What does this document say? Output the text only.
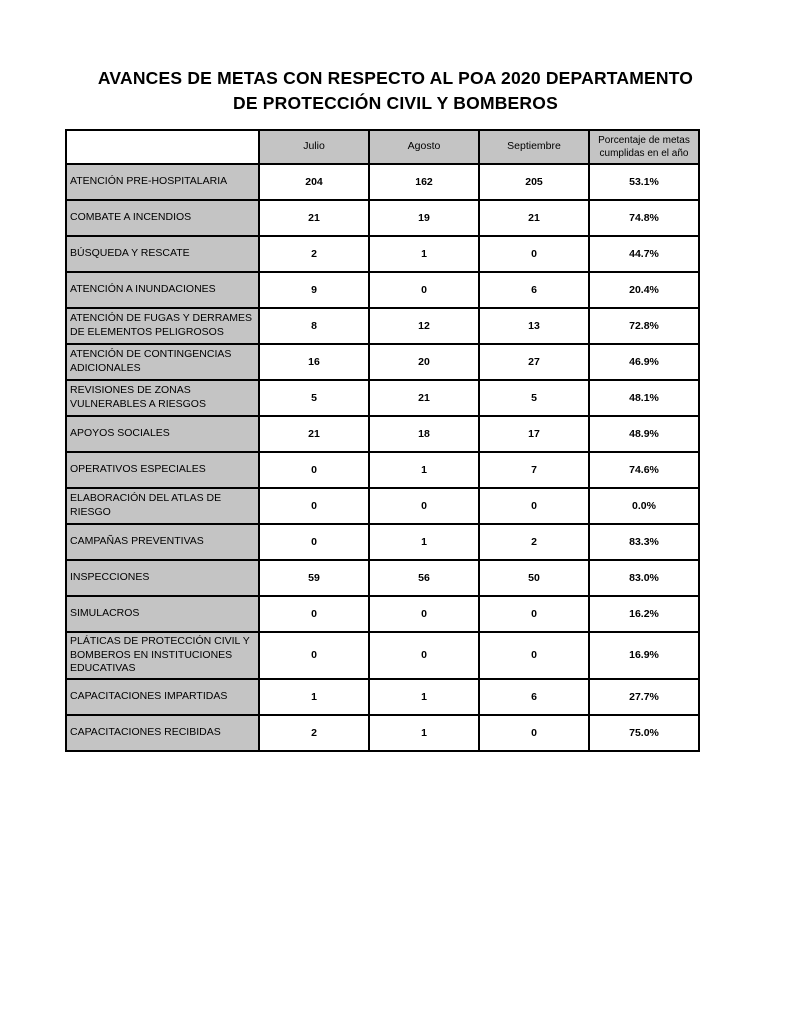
AVANCES DE METAS CON RESPECTO AL POA 2020 DEPARTAMENTO
DE PROTECCIÓN CIVIL Y BOMBEROS
	Julio	Agosto	Septiembre	Porcentaje de metas cumplidas en el año
ATENCIÓN PRE-HOSPITALARIA	204	162	205	53.1%
COMBATE A INCENDIOS	21	19	21	74.8%
BÚSQUEDA Y RESCATE	2	1	0	44.7%
ATENCIÓN A INUNDACIONES	9	0	6	20.4%
ATENCIÓN DE FUGAS Y DERRAMES DE ELEMENTOS PELIGROSOS	8	12	13	72.8%
ATENCIÓN DE CONTINGENCIAS ADICIONALES	16	20	27	46.9%
REVISIONES DE ZONAS VULNERABLES A RIESGOS	5	21	5	48.1%
APOYOS SOCIALES	21	18	17	48.9%
OPERATIVOS ESPECIALES	0	1	7	74.6%
ELABORACIÓN DEL ATLAS DE RIESGO	0	0	0	0.0%
CAMPAÑAS PREVENTIVAS	0	1	2	83.3%
INSPECCIONES	59	56	50	83.0%
SIMULACROS	0	0	0	16.2%
PLÁTICAS DE PROTECCIÓN CIVIL Y BOMBEROS EN INSTITUCIONES EDUCATIVAS	0	0	0	16.9%
CAPACITACIONES IMPARTIDAS	1	1	6	27.7%
CAPACITACIONES RECIBIDAS	2	1	0	75.0%
